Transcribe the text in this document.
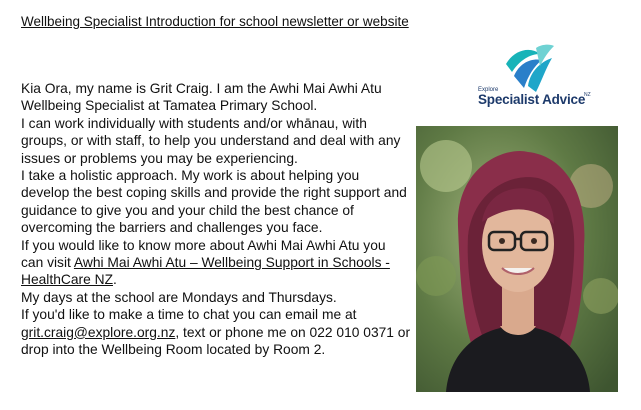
Wellbeing Specialist Introduction for school newsletter or website

Kia Ora, my name is Grit Craig. I am the Awhi Mai Awhi Atu Wellbeing Specialist at Tamatea Primary School.

I can work individually with students and/or whānau, with groups, or with staff, to help you understand and deal with any issues or problems you may be experiencing.

I take a holistic approach. My work is about helping you develop the best coping skills and provide the right support and guidance to give you and your child the best chance of overcoming the barriers and challenges you face.

If you would like to know more about Awhi Mai Awhi Atu you can visit Awhi Mai Awhi Atu – Wellbeing Support in Schools - HealthCare NZ.

My days at the school are Mondays and Thursdays.

If you'd like to make a time to chat you can email me at grit.craig@explore.org.nz, text or phone me on 022 010 0371 or drop into the Wellbeing Room located by Room 2.

Explore
Specialist Advice
NZ
